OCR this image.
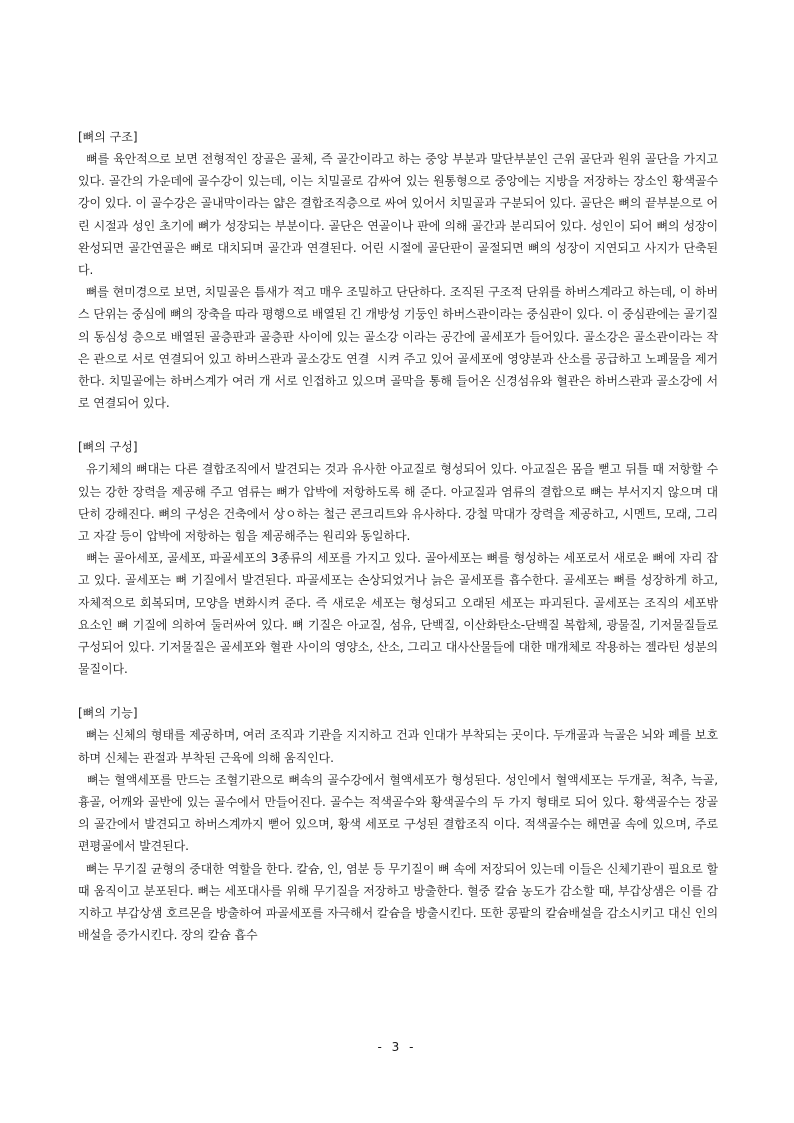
[뼈의 구조]

뼈를 육안적으로 보면 전형적인 장골은 골체, 즉 골간이라고 하는 중앙 부분과 말단부분인 근위 골단과 원위 골단을 가지고 있다. 골간의 가운데에 골수강이 있는데, 이는 치밀골로 감싸여 있는 원통형으로 중앙에는 지방을 저장하는 장소인 황색골수강이 있다. 이 골수강은 골내막이라는 얇은 결합조직층으로 싸여 있어서 치밀골과 구분되어 있다. 골단은 뼈의 끝부분으로 어린 시절과 성인 초기에 뼈가 성장되는 부분이다. 골단은 연골이나 판에 의해 골간과 분리되어 있다. 성인이 되어 뼈의 성장이 완성되면 골간연골은 뼈로 대치되며 골간과 연결된다. 어린 시절에 골단판이 골절되면 뼈의 성장이 지연되고 사지가 단축된다.

뼈를 현미경으로 보면, 치밀골은 틈새가 적고 매우 조밀하고 단단하다. 조직된 구조적 단위를 하버스계라고 하는데, 이 하버스 단위는 중심에 뼈의 장축을 따라 평행으로 배열된 긴 개방성 기둥인 하버스관이라는 중심관이 있다. 이 중심관에는 골기질의 동심성 층으로 배열된 골층판과 골층판 사이에 있는 골소강 이라는 공간에 골세포가 들어있다. 골소강은 골소관이라는 작은 관으로 서로 연결되어 있고 하버스관과 골소강도 연결  시켜 주고 있어 골세포에 영양분과 산소를 공급하고 노폐물을 제거한다. 치밀골에는 하버스계가 여러 개 서로 인접하고 있으며 골막을 통해 들어온 신경섬유와 혈관은 하버스관과 골소강에 서로 연결되어 있다.

[뼈의 구성]

유기체의 뼈대는 다른 결합조직에서 발견되는 것과 유사한 아교질로 형성되어 있다. 아교질은 몸을 뻗고 뒤틀 때 저항할 수 있는 강한 장력을 제공해 주고 염류는 뼈가 압박에 저항하도록 해 준다. 아교질과 염류의 결합으로 뼈는 부서지지 않으며 대단히 강해진다. 뼈의 구성은 건축에서 상ㅇ하는 철근 콘크리트와 유사하다. 강철 막대가 장력을 제공하고, 시멘트, 모래, 그리고 자갈 등이 압박에 저항하는 힘을 제공해주는 원리와 동일하다.

뼈는 골아세포, 골세포, 파골세포의 3종류의 세포를 가지고 있다. 골아세포는 뼈를 형성하는 세포로서 새로운 뼈에 자리 잡고 있다. 골세포는 뼈 기질에서 발견된다. 파골세포는 손상되었거나 늙은 골세포를 흡수한다. 골세포는 뼈를 성장하게 하고, 자체적으로 회복되며, 모양을 변화시켜 준다. 즉 새로운 세포는 형성되고 오래된 세포는 파괴된다. 골세포는 조직의 세포밖 요소인 뼈 기질에 의하여 둘러싸여 있다. 뼈 기질은 아교질, 섬유, 단백질, 이산화탄소-단백질 복합체, 광물질, 기저물질들로 구성되어 있다. 기저물질은 골세포와 혈관 사이의 영양소, 산소, 그리고 대사산물들에 대한 매개체로 작용하는 젤라틴 성분의 물질이다.

[뼈의 기능]

뼈는 신체의 형태를 제공하며, 여러 조직과 기관을 지지하고 건과 인대가 부착되는 곳이다. 두개골과 늑골은 뇌와 폐를 보호하며 신체는 관절과 부착된 근육에 의해 움직인다.

뼈는 혈액세포를 만드는 조혈기관으로 뼈속의 골수강에서 혈액세포가 형성된다. 성인에서 혈액세포는 두개골, 척추, 늑골, 흉골, 어깨와 골반에 있는 골수에서 만들어진다. 골수는 적색골수와 황색골수의 두 가지 형태로 되어 있다. 황색골수는 장골의 골간에서 발견되고 하버스계까지 뻗어 있으며, 황색 세포로 구성된 결합조직 이다. 적색골수는 해면골 속에 있으며, 주로 편평골에서 발견된다.

뼈는 무기질 균형의 중대한 역할을 한다. 칼슘, 인, 염분 등 무기질이 뼈 속에 저장되어 있는데 이들은 신체기관이 필요로 할 때 움직이고 분포된다. 뼈는 세포대사를 위해 무기질을 저장하고 방출한다. 혈중 칼슘 농도가 감소할 때, 부갑상샘은 이를 감지하고 부갑상샘 호르몬을 방출하여 파골세포를 자극해서 칼슘을 방출시킨다. 또한 콩팥의 칼슘배설을 감소시키고 대신 인의 배설을 증가시킨다. 장의 칼슘 흡수

- 3 -
